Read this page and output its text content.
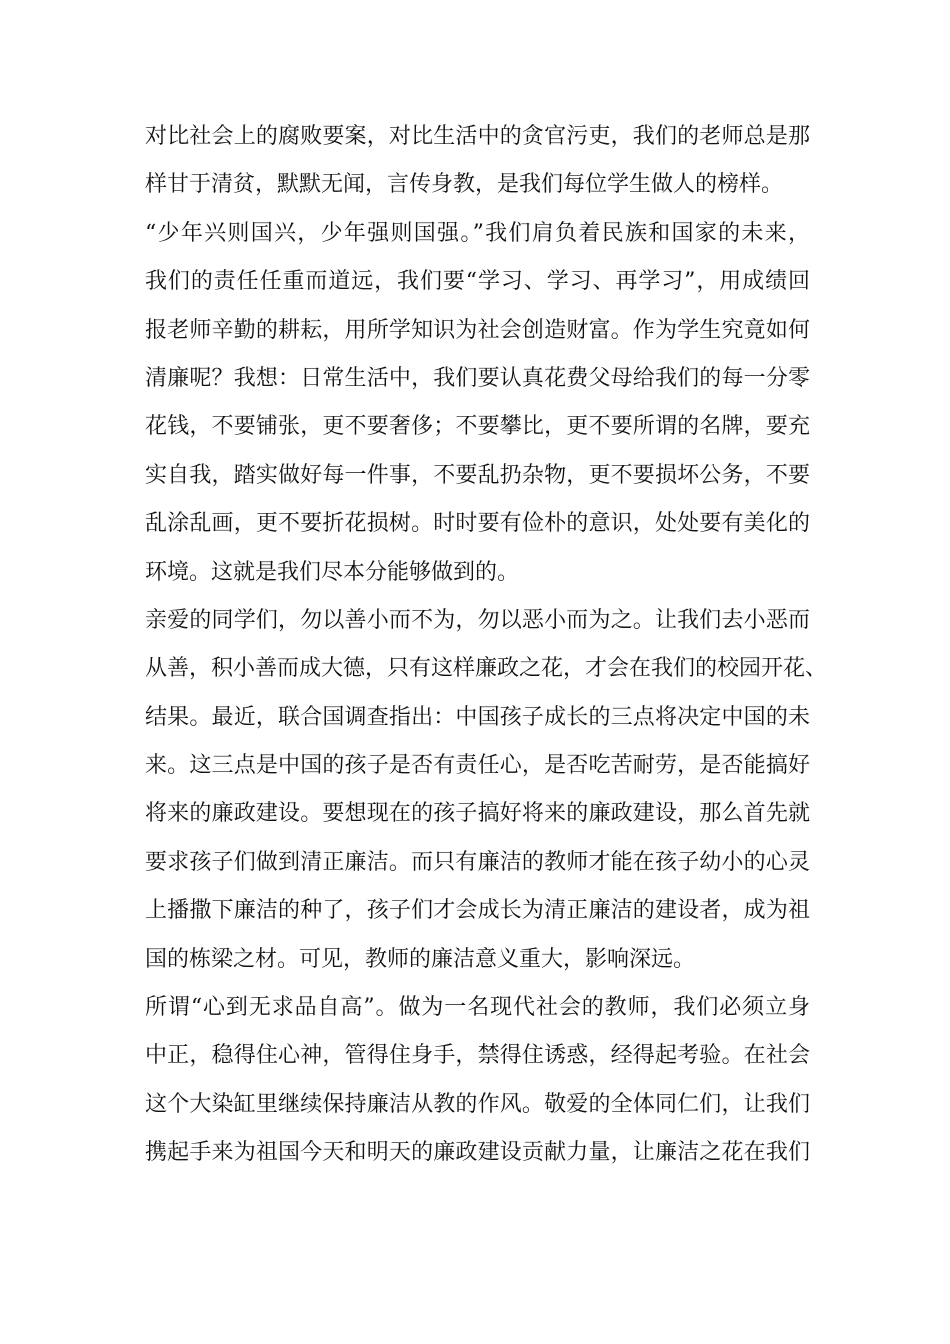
对比社会上的腐败要案，对比生活中的贪官污吏，我们的老师总是那
样甘于清贫，默默无闻，言传身教，是我们每位学生做人的榜样。
“少年兴则国兴，少年强则国强。”我们肩负着民族和国家的未来，
我们的责任任重而道远，我们要“学习、学习、再学习”，用成绩回
报老师辛勤的耕耘，用所学知识为社会创造财富。作为学生究竟如何
清廉呢？我想：日常生活中，我们要认真花费父母给我们的每一分零
花钱，不要铺张，更不要奢侈；不要攀比，更不要所谓的名牌，要充
实自我，踏实做好每一件事，不要乱扔杂物，更不要损坏公务，不要
乱涂乱画，更不要折花损树。时时要有俭朴的意识，处处要有美化的
环境。这就是我们尽本分能够做到的。
亲爱的同学们，勿以善小而不为，勿以恶小而为之。让我们去小恶而
从善，积小善而成大德，只有这样廉政之花，才会在我们的校园开花、
结果。最近，联合国调查指出：中国孩子成长的三点将决定中国的未
来。这三点是中国的孩子是否有责任心，是否吃苦耐劳，是否能搞好
将来的廉政建设。要想现在的孩子搞好将来的廉政建设，那么首先就
要求孩子们做到清正廉洁。而只有廉洁的教师才能在孩子幼小的心灵
上播撒下廉洁的种了，孩子们才会成长为清正廉洁的建设者，成为祖
国的栋梁之材。可见，教师的廉洁意义重大，影响深远。
所谓“心到无求品自高”。做为一名现代社会的教师，我们必须立身
中正，稳得住心神，管得住身手，禁得住诱惑，经得起考验。在社会
这个大染缸里继续保持廉洁从教的作风。敬爱的全体同仁们，让我们
携起手来为祖国今天和明天的廉政建设贡献力量，让廉洁之花在我们
